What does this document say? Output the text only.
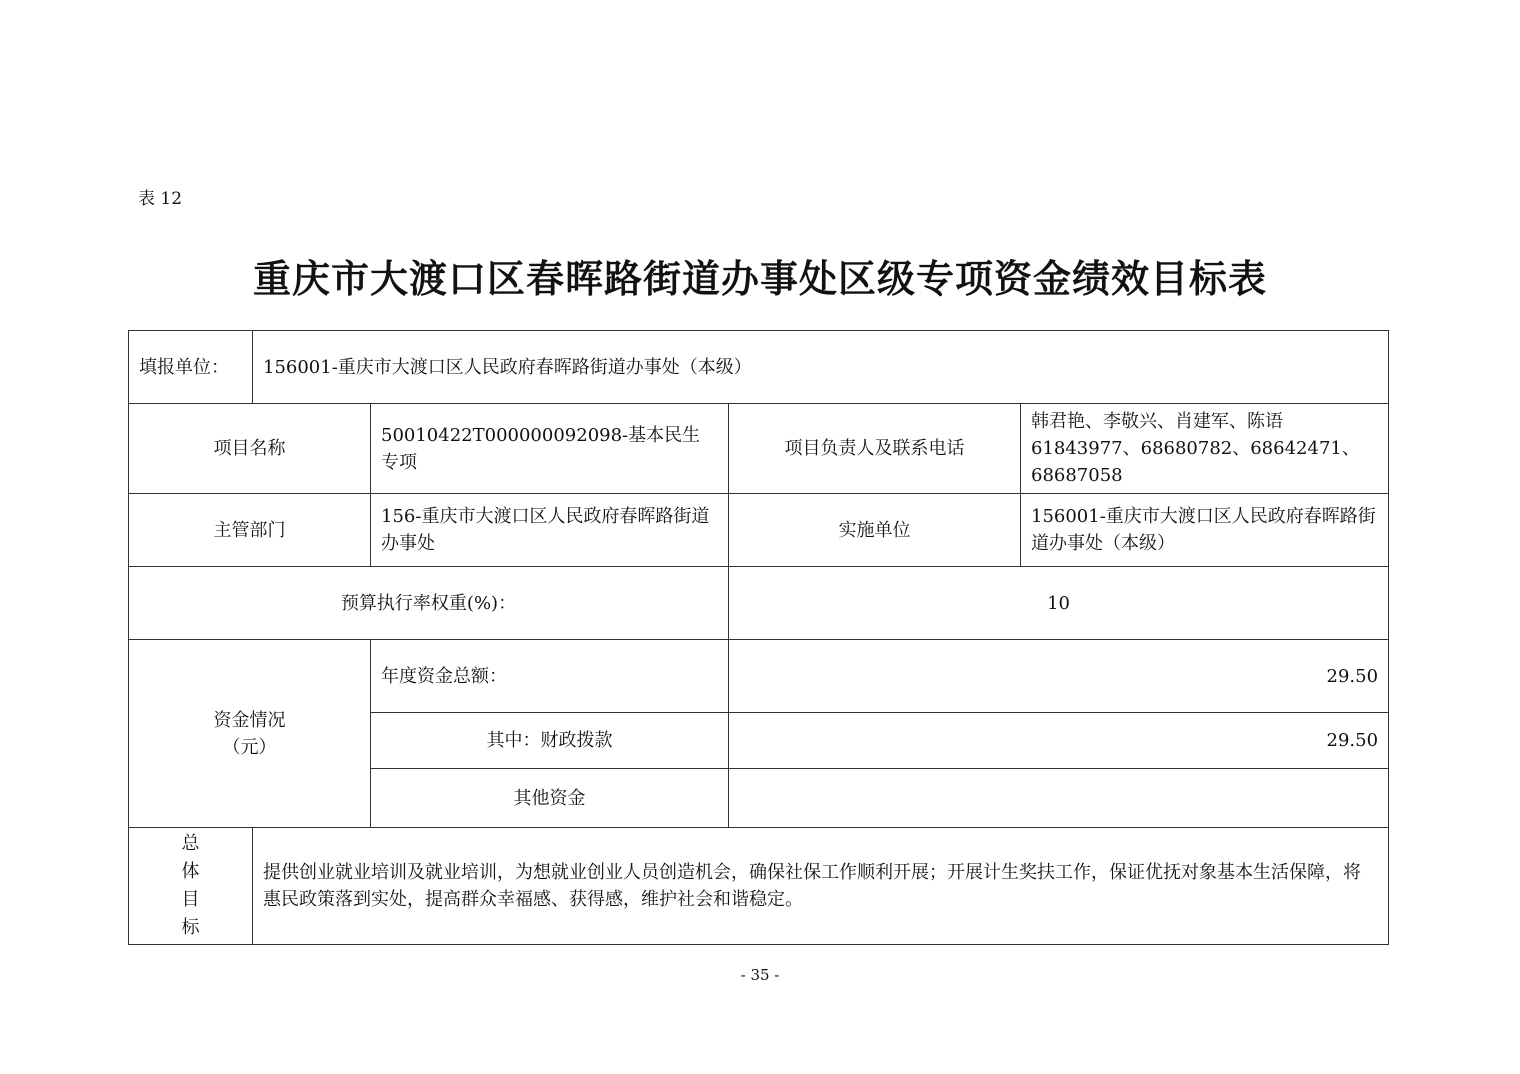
表 12
重庆市大渡口区春晖路街道办事处区级专项资金绩效目标表
填报单位：	156001-重庆市大渡口区人民政府春晖路街道办事处（本级）			
项目名称		50010422T000000092098-基本民生专项	项目负责人及联系电话	韩君艳、李敬兴、肖建军、陈语 61843977、68680782、68642471、68687058
主管部门		156-重庆市大渡口区人民政府春晖路街道办事处	实施单位	156001-重庆市大渡口区人民政府春晖路街道办事处（本级）
预算执行率权重(%)：			10	

资金情况
（元）		年度资金总额：	29.50	
		其中：财政拨款	29.50	
		其他资金		

总
体
目
标	提供创业就业培训及就业培训，为想就业创业人员创造机会，确保社保工作顺利开展；开展计生奖扶工作，保证优抚对象基本生活保障，将惠民政策落到实处，提高群众幸福感、获得感，维护社会和谐稳定。			
- 35 -
